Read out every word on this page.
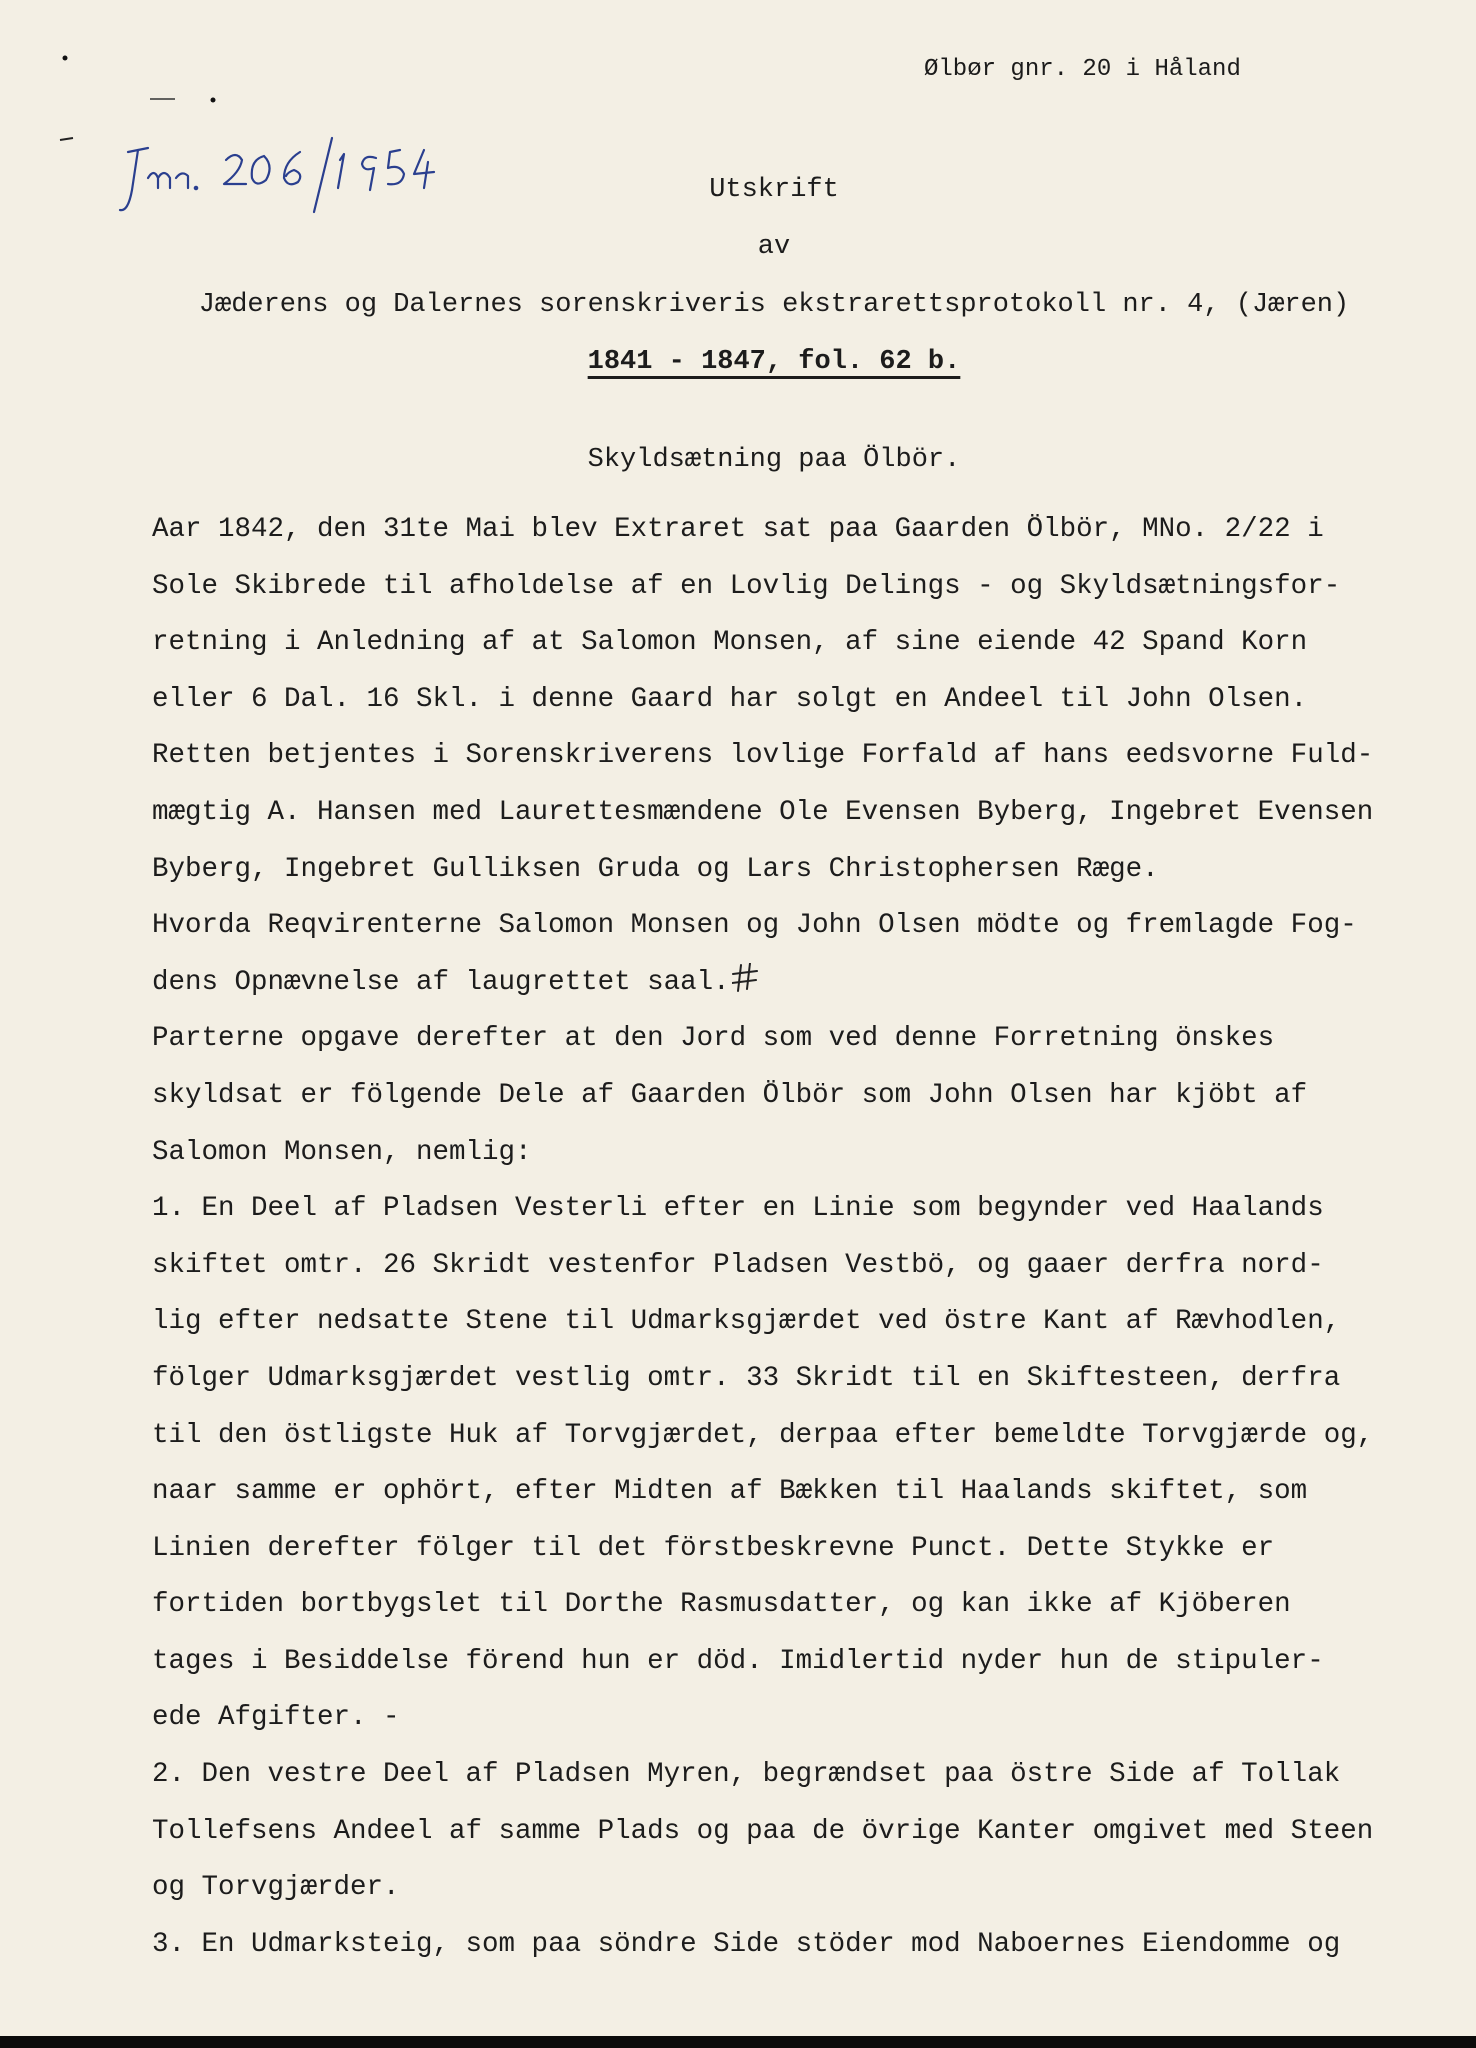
Ølbør gnr. 20 i Håland
Utskrift
av
Jæderens og Dalernes sorenskriveris ekstrarettsprotokoll nr. 4, (Jæren)
1841 - 1847, fol. 62 b.
Skyldsætning paa Ölbör.
Aar 1842, den 31te Mai blev Extraret sat paa Gaarden Ölbör, MNo. 2/22 i
Sole Skibrede til afholdelse af en Lovlig Delings - og Skyldsætningsfor-
retning i Anledning af at Salomon Monsen, af sine eiende 42 Spand Korn
eller 6 Dal. 16 Skl. i denne Gaard har solgt en Andeel til John Olsen.
Retten betjentes i Sorenskriverens lovlige Forfald af hans eedsvorne Fuld-
mægtig A. Hansen med Laurettesmændene Ole Evensen Byberg, Ingebret Evensen
Byberg, Ingebret Gulliksen Gruda og Lars Christophersen Ræge.
Hvorda Reqvirenterne Salomon Monsen og John Olsen mödte og fremlagde Fog-
dens Opnævnelse af laugrettet saal.
Parterne opgave derefter at den Jord som ved denne Forretning önskes
skyldsat er fölgende Dele af Gaarden Ölbör som John Olsen har kjöbt af
Salomon Monsen, nemlig:
1. En Deel af Pladsen Vesterli efter en Linie som begynder ved Haalands
skiftet omtr. 26 Skridt vestenfor Pladsen Vestbö, og gaaer derfra nord-
lig efter nedsatte Stene til Udmarksgjærdet ved östre Kant af Rævhodlen,
fölger Udmarksgjærdet vestlig omtr. 33 Skridt til en Skiftesteen, derfra
til den östligste Huk af Torvgjærdet, derpaa efter bemeldte Torvgjærde og,
naar samme er ophört, efter Midten af Bækken til Haalands skiftet, som
Linien derefter fölger til det förstbeskrevne Punct. Dette Stykke er
fortiden bortbygslet til Dorthe Rasmusdatter, og kan ikke af Kjöberen
tages i Besiddelse förend hun er död. Imidlertid nyder hun de stipuler-
ede Afgifter. -
2. Den vestre Deel af Pladsen Myren, begrændset paa östre Side af Tollak
Tollefsens Andeel af samme Plads og paa de övrige Kanter omgivet med Steen
og Torvgjærder.
3. En Udmarksteig, som paa söndre Side stöder mod Naboernes Eiendomme og
